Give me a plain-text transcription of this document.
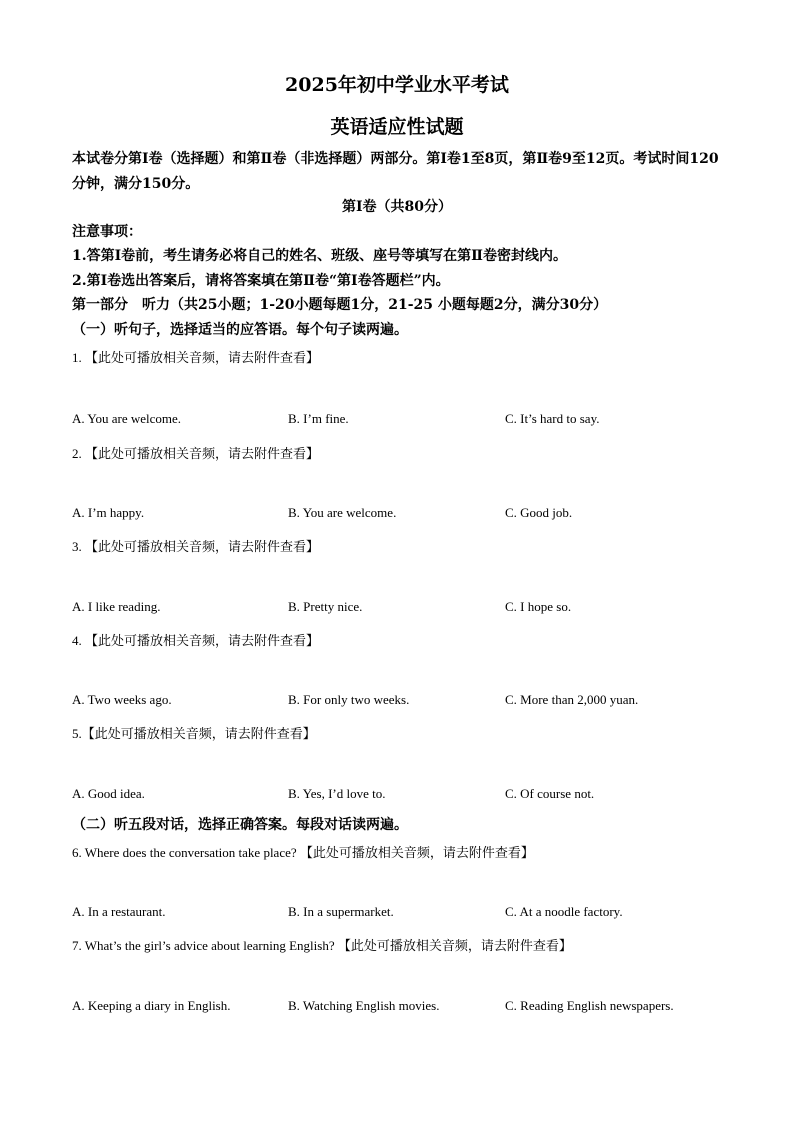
2025年初中学业水平考试
英语适应性试题
本试卷分第Ⅰ卷（选择题）和第Ⅱ卷（非选择题）两部分。第Ⅰ卷1至8页，第Ⅱ卷9至12页。考试时间120分钟，满分150分。
第Ⅰ卷（共80分）
注意事项：
1.答第Ⅰ卷前，考生请务必将自己的姓名、班级、座号等填写在第Ⅱ卷密封线内。
2.第Ⅰ卷选出答案后，请将答案填在第Ⅱ卷“第Ⅰ卷答题栏”内。
第一部分　听力（共25小题；1-20小题每题1分，21-25 小题每题2分，满分30分）
（一）听句子，选择适当的应答语。每个句子读两遍。
1. 【此处可播放相关音频，请去附件查看】
A. You are welcome.	B. I’m fine.	C. It’s hard to say.
2. 【此处可播放相关音频，请去附件查看】
A. I’m happy.	B. You are welcome.	C. Good job.
3. 【此处可播放相关音频，请去附件查看】
A. I like reading.	B. Pretty nice.	C. I hope so.
4. 【此处可播放相关音频，请去附件查看】
A. Two weeks ago.	B. For only two weeks.	C. More than 2,000 yuan.
5.【此处可播放相关音频，请去附件查看】
A. Good idea.	B. Yes, I’d love to.	C. Of course not.
（二）听五段对话，选择正确答案。每段对话读两遍。
6. Where does the conversation take place? 【此处可播放相关音频，请去附件查看】
A. In a restaurant.	B. In a supermarket.	C. At a noodle factory.
7. What’s the girl’s advice about learning English? 【此处可播放相关音频，请去附件查看】
A. Keeping a diary in English.	B. Watching English movies.	C. Reading English newspapers.
